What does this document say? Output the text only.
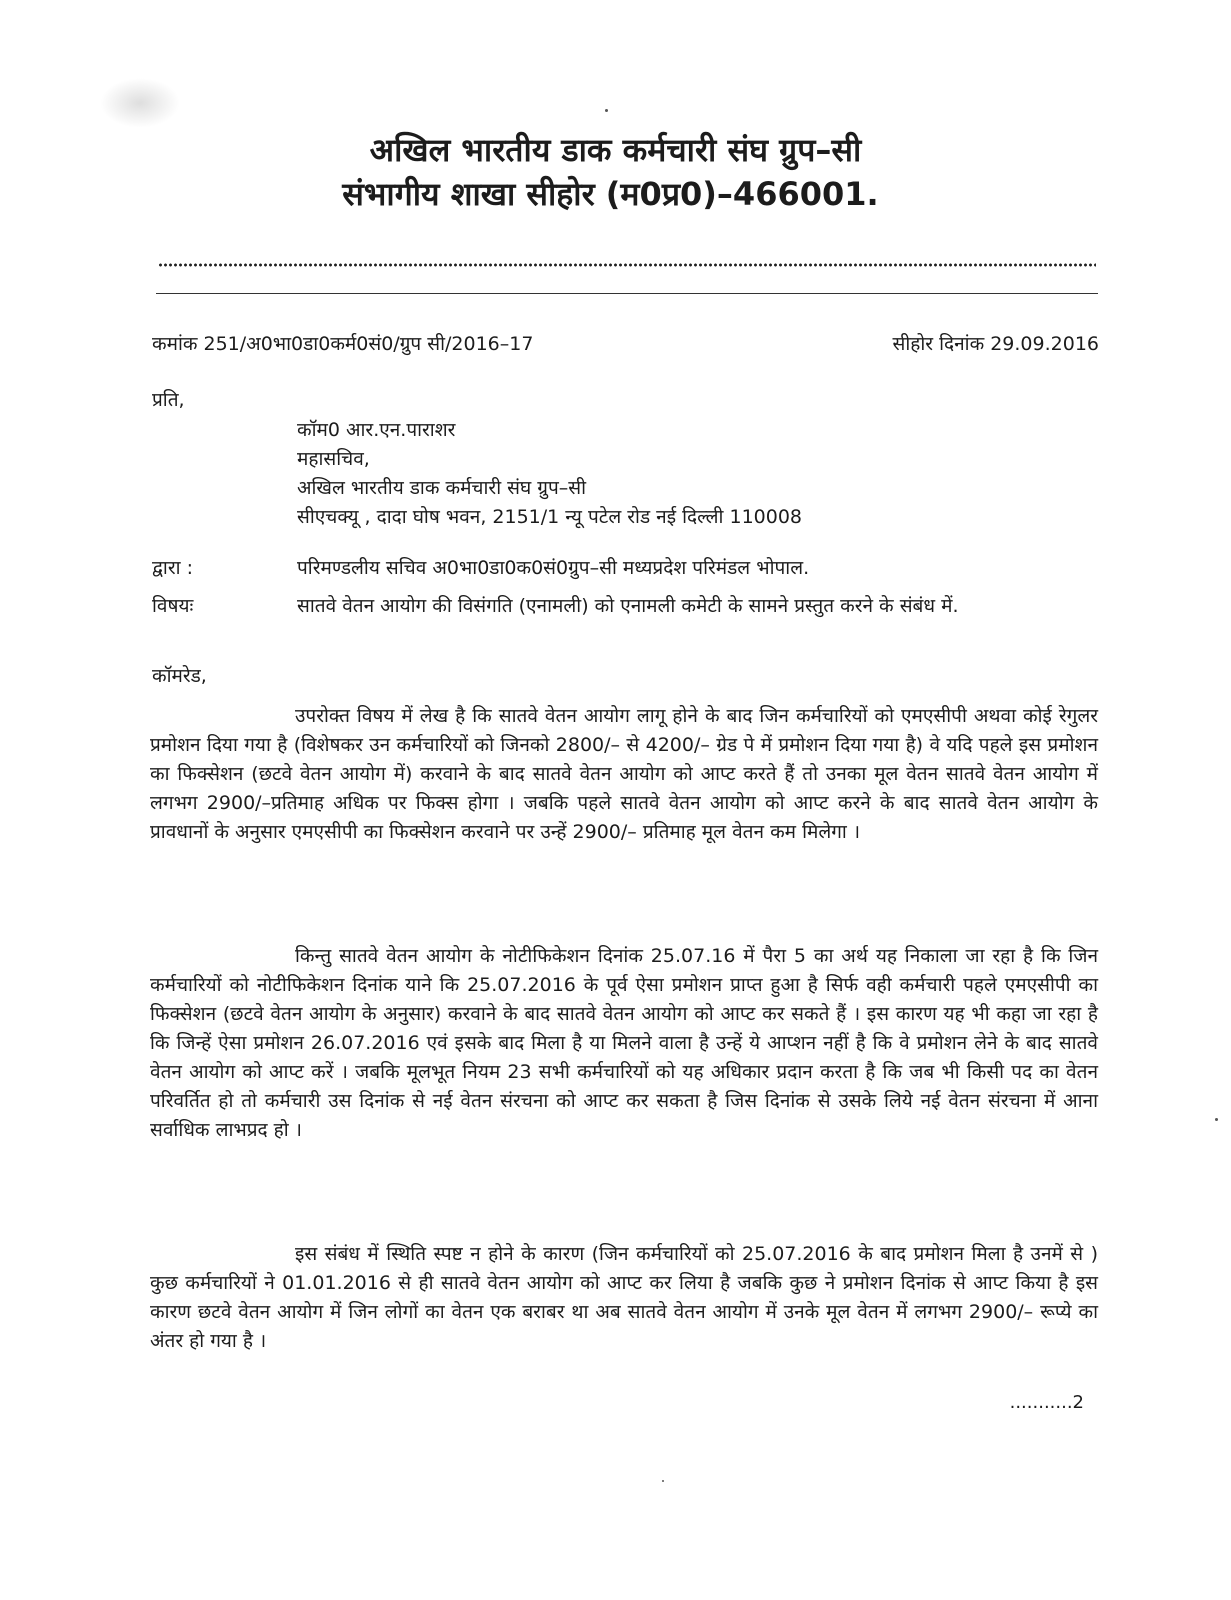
अखिल भारतीय डाक कर्मचारी संघ ग्रुप–सी
संभागीय शाखा सीहोर (म0प्र0)–466001.
कमांक 251/अ0भा0डा0कर्म0सं0/ग्रुप सी/2016–17	सीहोर दिनांक 29.09.2016
प्रति,
कॉम0 आर.एन.पाराशर
महासचिव,
अखिल भारतीय डाक कर्मचारी संघ ग्रुप–सी
सीएचक्यू , दादा घोष भवन, 2151/1 न्यू पटेल रोड नई दिल्ली 110008
द्वारा :	परिमण्डलीय सचिव अ0भा0डा0क0सं0ग्रुप–सी मध्यप्रदेश परिमंडल भोपाल.
विषयः	सातवे वेतन आयोग की विसंगति (एनामली) को एनामली कमेटी के सामने प्रस्तुत करने के संबंध में.
कॉमरेड,
उपरोक्त विषय में लेख है कि सातवे वेतन आयोग लागू होने के बाद जिन कर्मचारियों को एमएसीपी अथवा कोई रेगुलर प्रमोशन दिया गया है (विशेषकर उन कर्मचारियों को जिनको 2800/– से 4200/– ग्रेड पे में प्रमोशन दिया गया है) वे यदि पहले इस प्रमोशन का फिक्सेशन (छटवे वेतन आयोग में) करवाने के बाद सातवे वेतन आयोग को आप्ट करते हैं तो उनका मूल वेतन सातवे वेतन आयोग में लगभग 2900/–प्रतिमाह अधिक पर फिक्स होगा । जबकि पहले सातवे वेतन आयोग को आप्ट करने के बाद सातवे वेतन आयोग के प्रावधानों के अनुसार एमएसीपी का फिक्सेशन करवाने पर उन्हें 2900/– प्रतिमाह मूल वेतन कम मिलेगा ।
किन्तु सातवे वेतन आयोग के नोटीफिकेशन दिनांक 25.07.16 में पैरा 5 का अर्थ यह निकाला जा रहा है कि जिन कर्मचारियों को नोटीफिकेशन दिनांक याने कि 25.07.2016 के पूर्व ऐसा प्रमोशन प्राप्त हुआ है सिर्फ वही कर्मचारी पहले एमएसीपी का फिक्सेशन (छटवे वेतन आयोग के अनुसार) करवाने के बाद सातवे वेतन आयोग को आप्ट कर सकते हैं । इस कारण यह भी कहा जा रहा है कि जिन्हें ऐसा प्रमोशन 26.07.2016 एवं इसके बाद मिला है या मिलने वाला है उन्हें ये आप्शन नहीं है कि वे प्रमोशन लेने के बाद सातवे वेतन आयोग को आप्ट करें । जबकि मूलभूत नियम 23 सभी कर्मचारियों को यह अधिकार प्रदान करता है कि जब भी किसी पद का वेतन परिवर्तित हो तो कर्मचारी उस दिनांक से नई वेतन संरचना को आप्ट कर सकता है जिस दिनांक से उसके लिये नई वेतन संरचना में आना सर्वाधिक लाभप्रद हो ।
इस संबंध में स्थिति स्पष्ट न होने के कारण (जिन कर्मचारियों को 25.07.2016 के बाद प्रमोशन मिला है उनमें से ) कुछ कर्मचारियों ने 01.01.2016 से ही सातवे वेतन आयोग को आप्ट कर लिया है जबकि कुछ ने प्रमोशन दिनांक से आप्ट किया है इस कारण छटवे वेतन आयोग में जिन लोगों का वेतन एक बराबर था अब सातवे वेतन आयोग में उनके मूल वेतन में लगभग 2900/– रूप्ये का अंतर हो गया है ।
...........2
